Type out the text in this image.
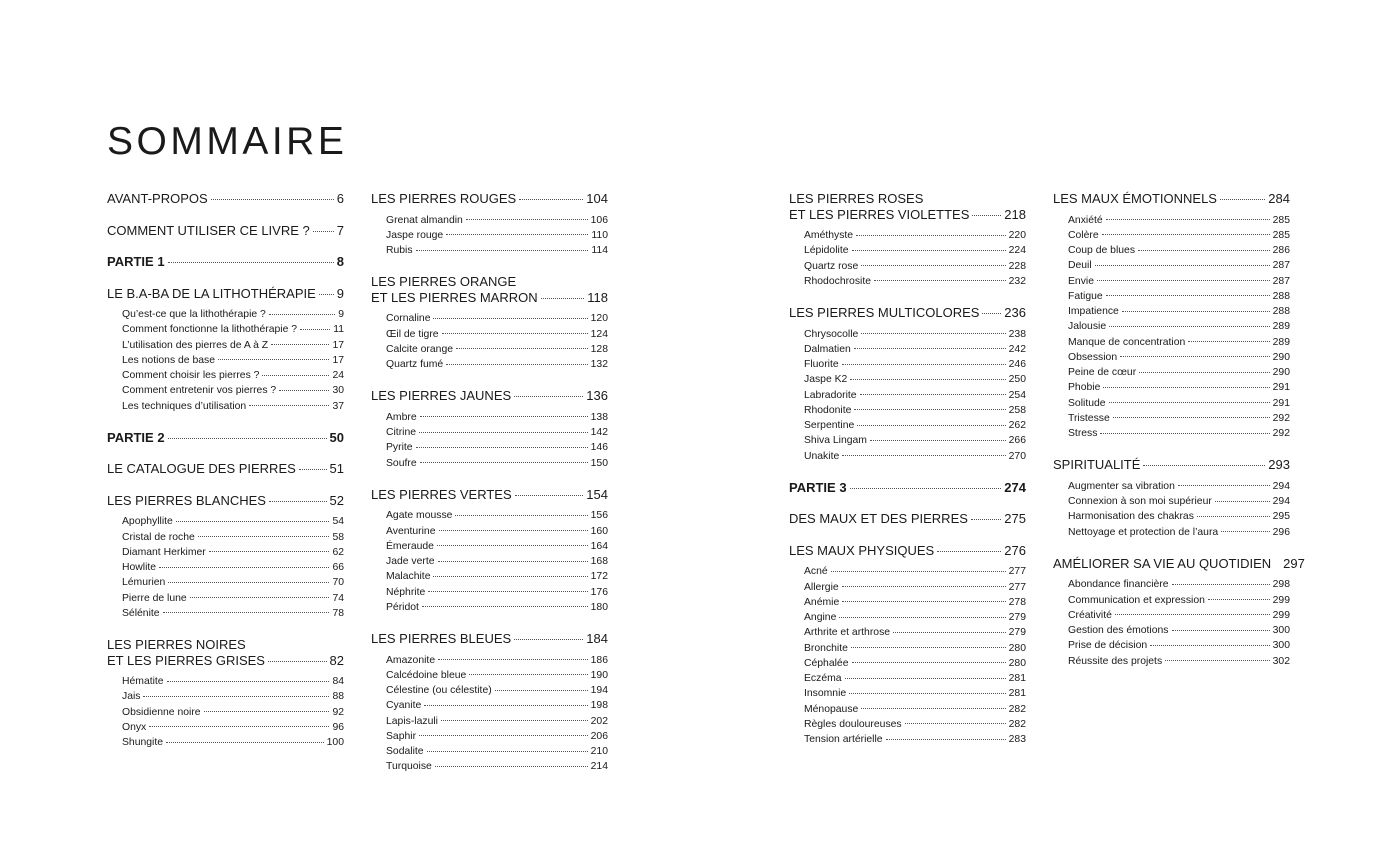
SOMMAIRE
AVANT-PROPOS	6
COMMENT UTILISER CE LIVRE ? 7
PARTIE 1	8
LE B.A-BA DE LA LITHOTHÉRAPIE 9
Qu’est-ce que la lithothérapie ?	9
Comment fonctionne la lithothérapie ?	11
L’utilisation des pierres de A à Z	17
Les notions de base	17
Comment choisir les pierres ?	24
Comment entretenir vos pierres ?	30
Les techniques d’utilisation	37
PARTIE 2	50
LE CATALOGUE DES PIERRES	51
LES PIERRES BLANCHES	52
Apophyllite	54
Cristal de roche	58
Diamant Herkimer	62
Howlite	66
Lémurien	70
Pierre de lune	74
Sélénite	78
LES PIERRES NOIRES
ET LES PIERRES GRISES	82
Hématite	84
Jais	88
Obsidienne noire	92
Onyx	96
Shungite	100
LES PIERRES ROUGES	104
Grenat almandin	106
Jaspe rouge	110
Rubis	114
LES PIERRES ORANGE
ET LES PIERRES MARRON	118
Cornaline	120
Œil de tigre	124
Calcite orange	128
Quartz fumé	132
LES PIERRES JAUNES	136
Ambre	138
Citrine	142
Pyrite	146
Soufre	150
LES PIERRES VERTES	154
Agate mousse	156
Aventurine	160
Émeraude	164
Jade verte	168
Malachite	172
Néphrite	176
Péridot	180
LES PIERRES BLEUES	184
Amazonite	186
Calcédoine bleue	190
Célestine (ou célestite)	194
Cyanite	198
Lapis-lazuli	202
Saphir	206
Sodalite	210
Turquoise	214
LES PIERRES ROSES
ET LES PIERRES VIOLETTES	218
Améthyste	220
Lépidolite	224
Quartz rose	228
Rhodochrosite	232
LES PIERRES MULTICOLORES 236
Chrysocolle	238
Dalmatien	242
Fluorite	246
Jaspe K2	250
Labradorite	254
Rhodonite	258
Serpentine	262
Shiva Lingam	266
Unakite	270
PARTIE 3	274
DES MAUX ET DES PIERRES	275
LES MAUX PHYSIQUES	276
Acné	277
Allergie	277
Anémie	278
Angine	279
Arthrite et arthrose	279
Bronchite	280
Céphalée	280
Eczéma	281
Insomnie	281
Ménopause	282
Règles douloureuses	282
Tension artérielle	283
LES MAUX ÉMOTIONNELS	284
Anxiété	285
Colère	285
Coup de blues	286
Deuil	287
Envie	287
Fatigue	288
Impatience	288
Jalousie	289
Manque de concentration	289
Obsession	290
Peine de cœur	290
Phobie	291
Solitude	291
Tristesse	292
Stress	292
SPIRITUALITÉ	293
Augmenter sa vibration	294
Connexion à son moi supérieur	294
Harmonisation des chakras	295
Nettoyage et protection de l’aura	296
AMÉLIORER SA VIE AU QUOTIDIEN 297
Abondance financière	298
Communication et expression	299
Créativité	299
Gestion des émotions	300
Prise de décision	300
Réussite des projets	302
